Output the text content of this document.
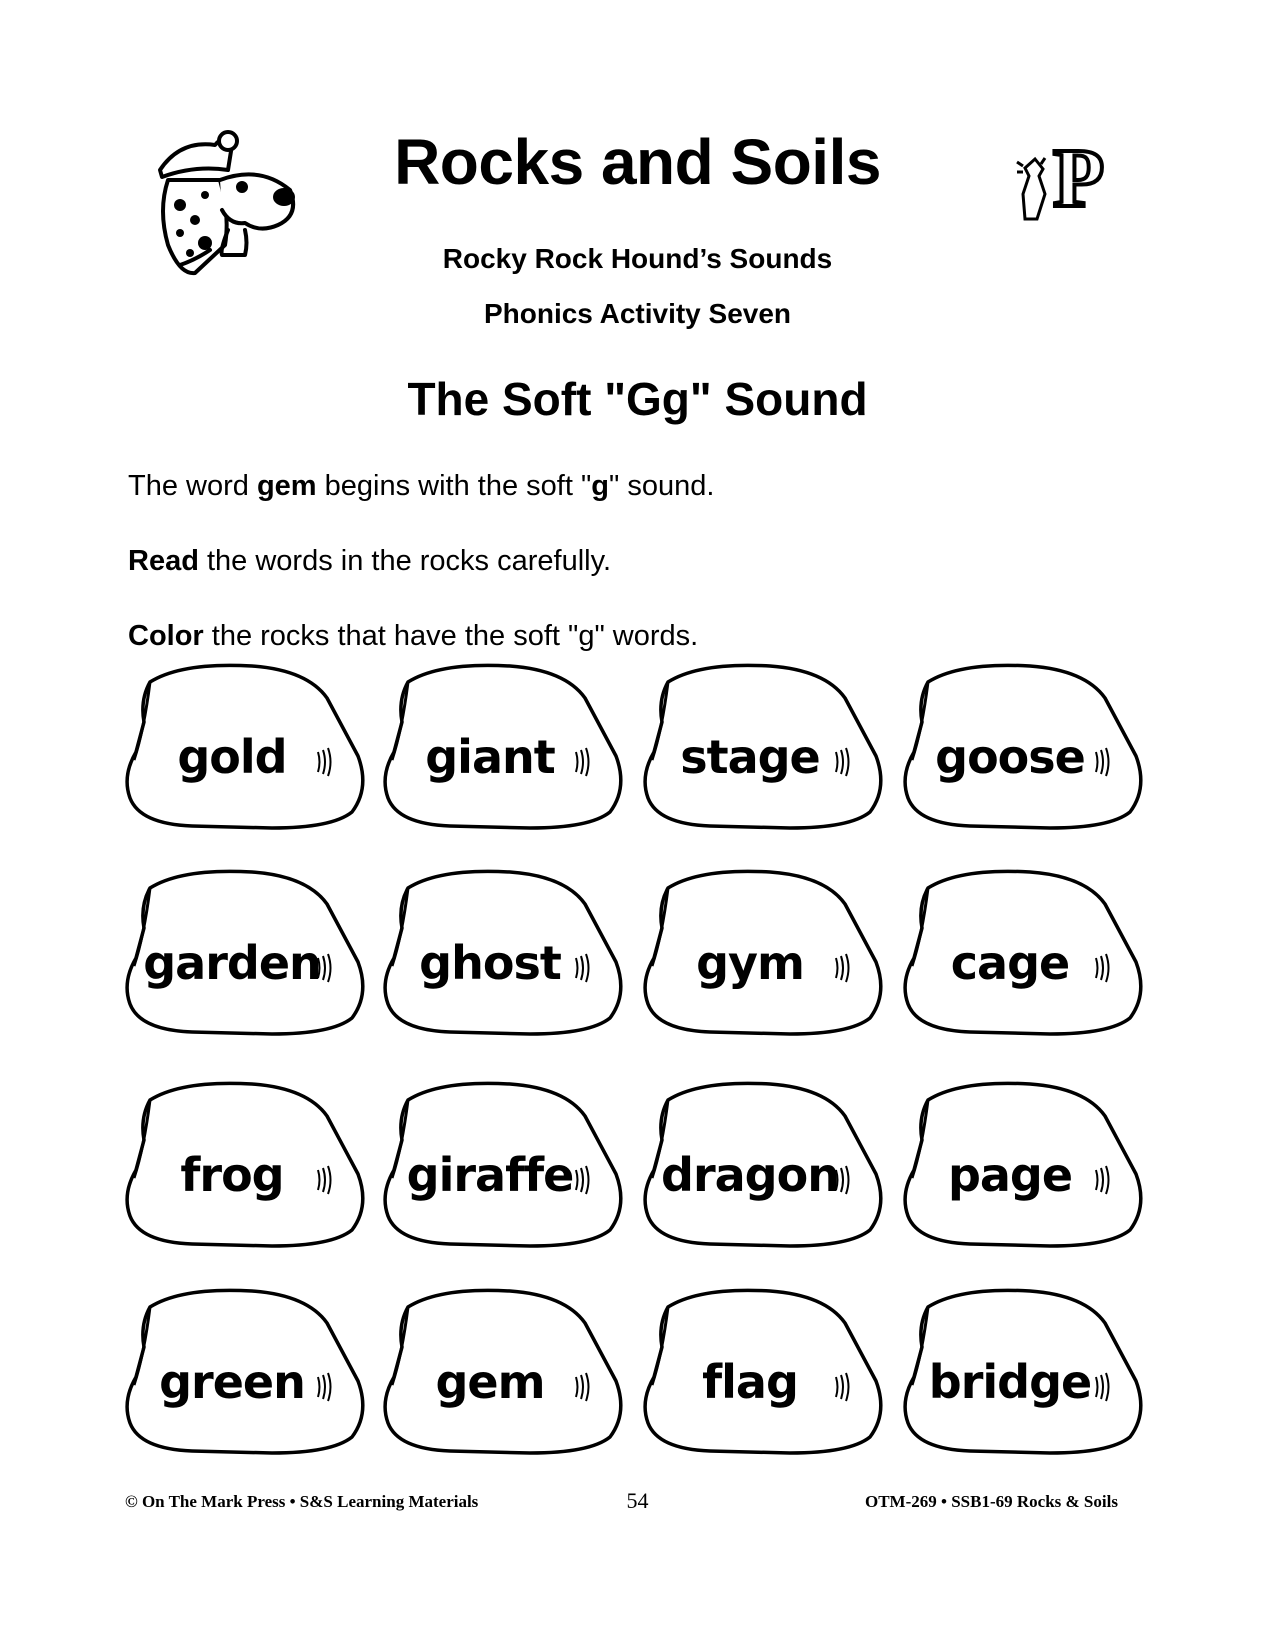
P
Rocks and Soils
Rocky Rock Hound’s Sounds
Phonics Activity Seven
The Soft "Gg" Sound
The word gem begins with the soft "g" sound.
Read the words in the rocks carefully.
Color the rocks that have the soft "g" words.
gold	giant	stage	goose
garden	ghost	gym	cage
frog	giraffe	dragon	page
green	gem	flag	bridge
© On The Mark Press • S&S Learning Materials	54	OTM-269 • SSB1-69 Rocks & Soils
